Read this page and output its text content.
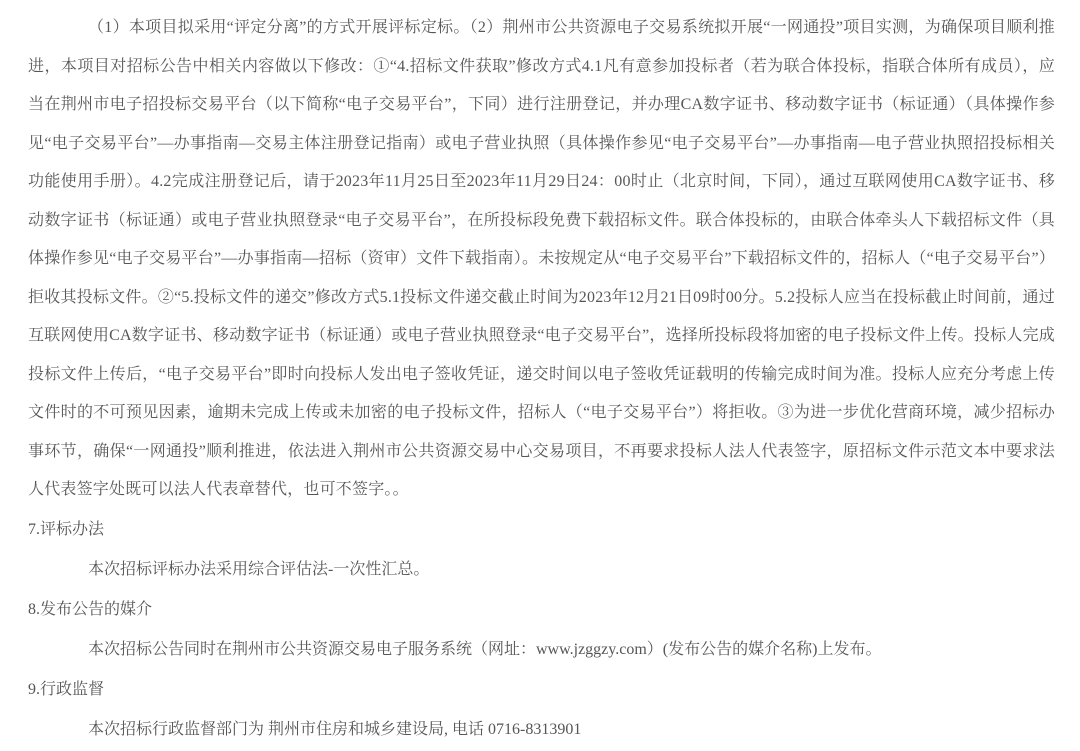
（1）本项目拟采用“评定分离”的方式开展评标定标。（2）荆州市公共资源电子交易系统拟开展“一网通投”项目实测，为确保项目顺利推进，本项目对招标公告中相关内容做以下修改：①“4.招标文件获取”修改方式4.1凡有意参加投标者（若为联合体投标，指联合体所有成员），应当在荆州市电子招投标交易平台（以下简称“电子交易平台”，下同）进行注册登记，并办理CA数字证书、移动数字证书（标证通）（具体操作参见“电子交易平台”—办事指南—交易主体注册登记指南）或电子营业执照（具体操作参见“电子交易平台”—办事指南—电子营业执照招投标相关功能使用手册）。4.2完成注册登记后，请于2023年11月25日至2023年11月29日24：00时止（北京时间，下同），通过互联网使用CA数字证书、移动数字证书（标证通）或电子营业执照登录“电子交易平台”，在所投标段免费下载招标文件。联合体投标的，由联合体牵头人下载招标文件（具体操作参见“电子交易平台”—办事指南—招标（资审）文件下载指南）。未按规定从“电子交易平台”下载招标文件的，招标人（“电子交易平台”）拒收其投标文件。②“5.投标文件的递交”修改方式5.1投标文件递交截止时间为2023年12月21日09时00分。5.2投标人应当在投标截止时间前，通过互联网使用CA数字证书、移动数字证书（标证通）或电子营业执照登录“电子交易平台”，选择所投标段将加密的电子投标文件上传。投标人完成投标文件上传后，“电子交易平台”即时向投标人发出电子签收凭证，递交时间以电子签收凭证载明的传输完成时间为准。投标人应充分考虑上传文件时的不可预见因素，逾期未完成上传或未加密的电子投标文件，招标人（“电子交易平台”）将拒收。③为进一步优化营商环境，减少招标办事环节，确保“一网通投”顺利推进，依法进入荆州市公共资源交易中心交易项目，不再要求投标人法人代表签字，原招标文件示范文本中要求法人代表签字处既可以法人代表章替代，也可不签字。。

7.评标办法

本次招标评标办法采用综合评估法-一次性汇总。

8.发布公告的媒介

本次招标公告同时在荆州市公共资源交易电子服务系统（网址：www.jzggzy.com）(发布公告的媒介名称)上发布。

9.行政监督

本次招标行政监督部门为 荆州市住房和城乡建设局, 电话 0716-8313901
